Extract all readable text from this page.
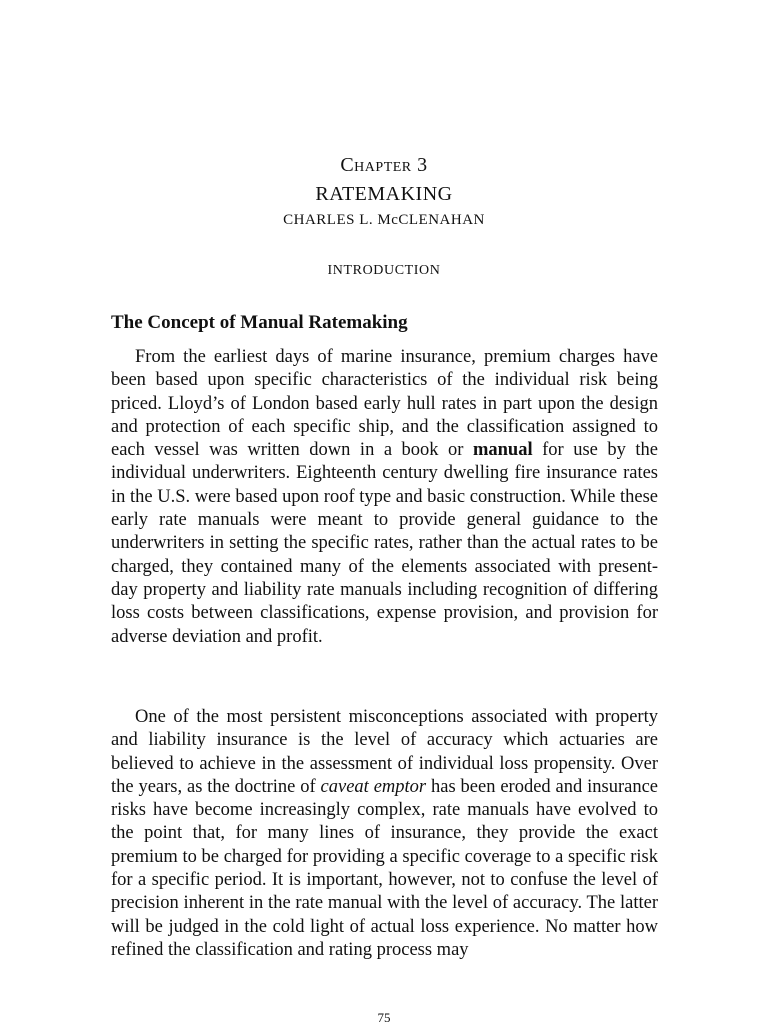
Chapter 3
RATEMAKING
CHARLES L. McCLENAHAN
INTRODUCTION
The Concept of Manual Ratemaking

From the earliest days of marine insurance, premium charges have been based upon specific characteristics of the individual risk being priced. Lloyd’s of London based early hull rates in part upon the design and protection of each specific ship, and the classification assigned to each vessel was written down in a book or manual for use by the individual underwriters. Eighteenth century dwelling fire insurance rates in the U.S. were based upon roof type and basic construction. While these early rate manuals were meant to provide general guidance to the underwriters in setting the specific rates, rather than the actual rates to be charged, they contained many of the elements associated with present-day property and liability rate manuals including recognition of differing loss costs between classifications, expense provision, and provision for adverse deviation and profit.

One of the most persistent misconceptions associated with property and liability insurance is the level of accuracy which actuaries are believed to achieve in the assessment of individual loss propensity. Over the years, as the doctrine of caveat emptor has been eroded and insurance risks have become increasingly complex, rate manuals have evolved to the point that, for many lines of insurance, they provide the exact premium to be charged for providing a specific coverage to a specific risk for a specific period. It is important, however, not to confuse the level of precision inherent in the rate manual with the level of accuracy. The latter will be judged in the cold light of actual loss experience. No matter how refined the classification and rating process may

75
